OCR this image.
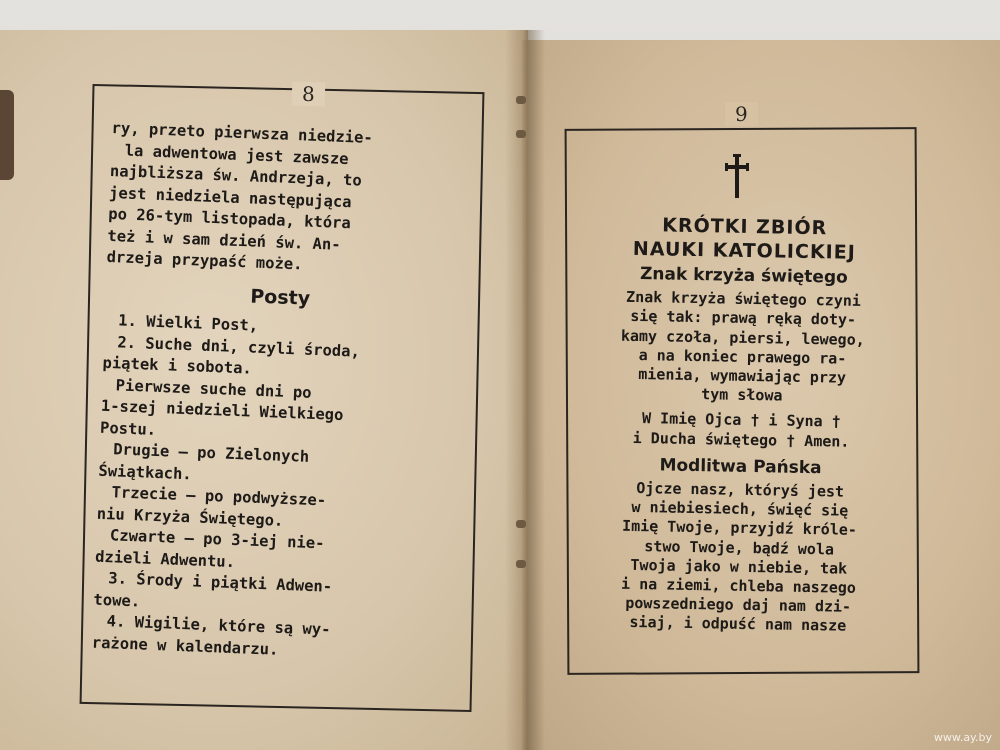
8
ry, przeto pierwsza niedzie-
la adwentowa jest zawsze
najbliższa św. Andrzeja, to
jest niedziela następująca
po 26-tym listopada, która
też i w sam dzień św. An-
drzeja przypaść może.
Posty
1. Wielki Post,
2. Suche dni, czyli środa,
piątek i sobota.
Pierwsze suche dni po
1-szej niedzieli Wielkiego
Postu.
Drugie — po Zielonych
Świątkach.
Trzecie — po podwyższe-
niu Krzyża Świętego.
Czwarte — po 3-iej nie-
dzieli Adwentu.
3. Środy i piątki Adwen-
towe.
4. Wigilie, które są wy-
rażone w kalendarzu.
9
KRÓTKI ZBIÓR
NAUKI KATOLICKIEJ
Znak krzyża świętego
Znak krzyża świętego czyni
się tak: prawą ręką doty-
kamy czoła, piersi, lewego,
a na koniec prawego ra-
mienia, wymawiając przy
tym słowa
W Imię Ojca † i Syna †
i Ducha świętego † Amen.
Modlitwa Pańska
Ojcze nasz, któryś jest
w niebiesiech, święć się
Imię Twoje, przyjdź króle-
stwo Twoje, bądź wola
Twoja jako w niebie, tak
i na ziemi, chleba naszego
powszedniego daj nam dzi-
siaj, i odpuść nam nasze
www.ay.by
